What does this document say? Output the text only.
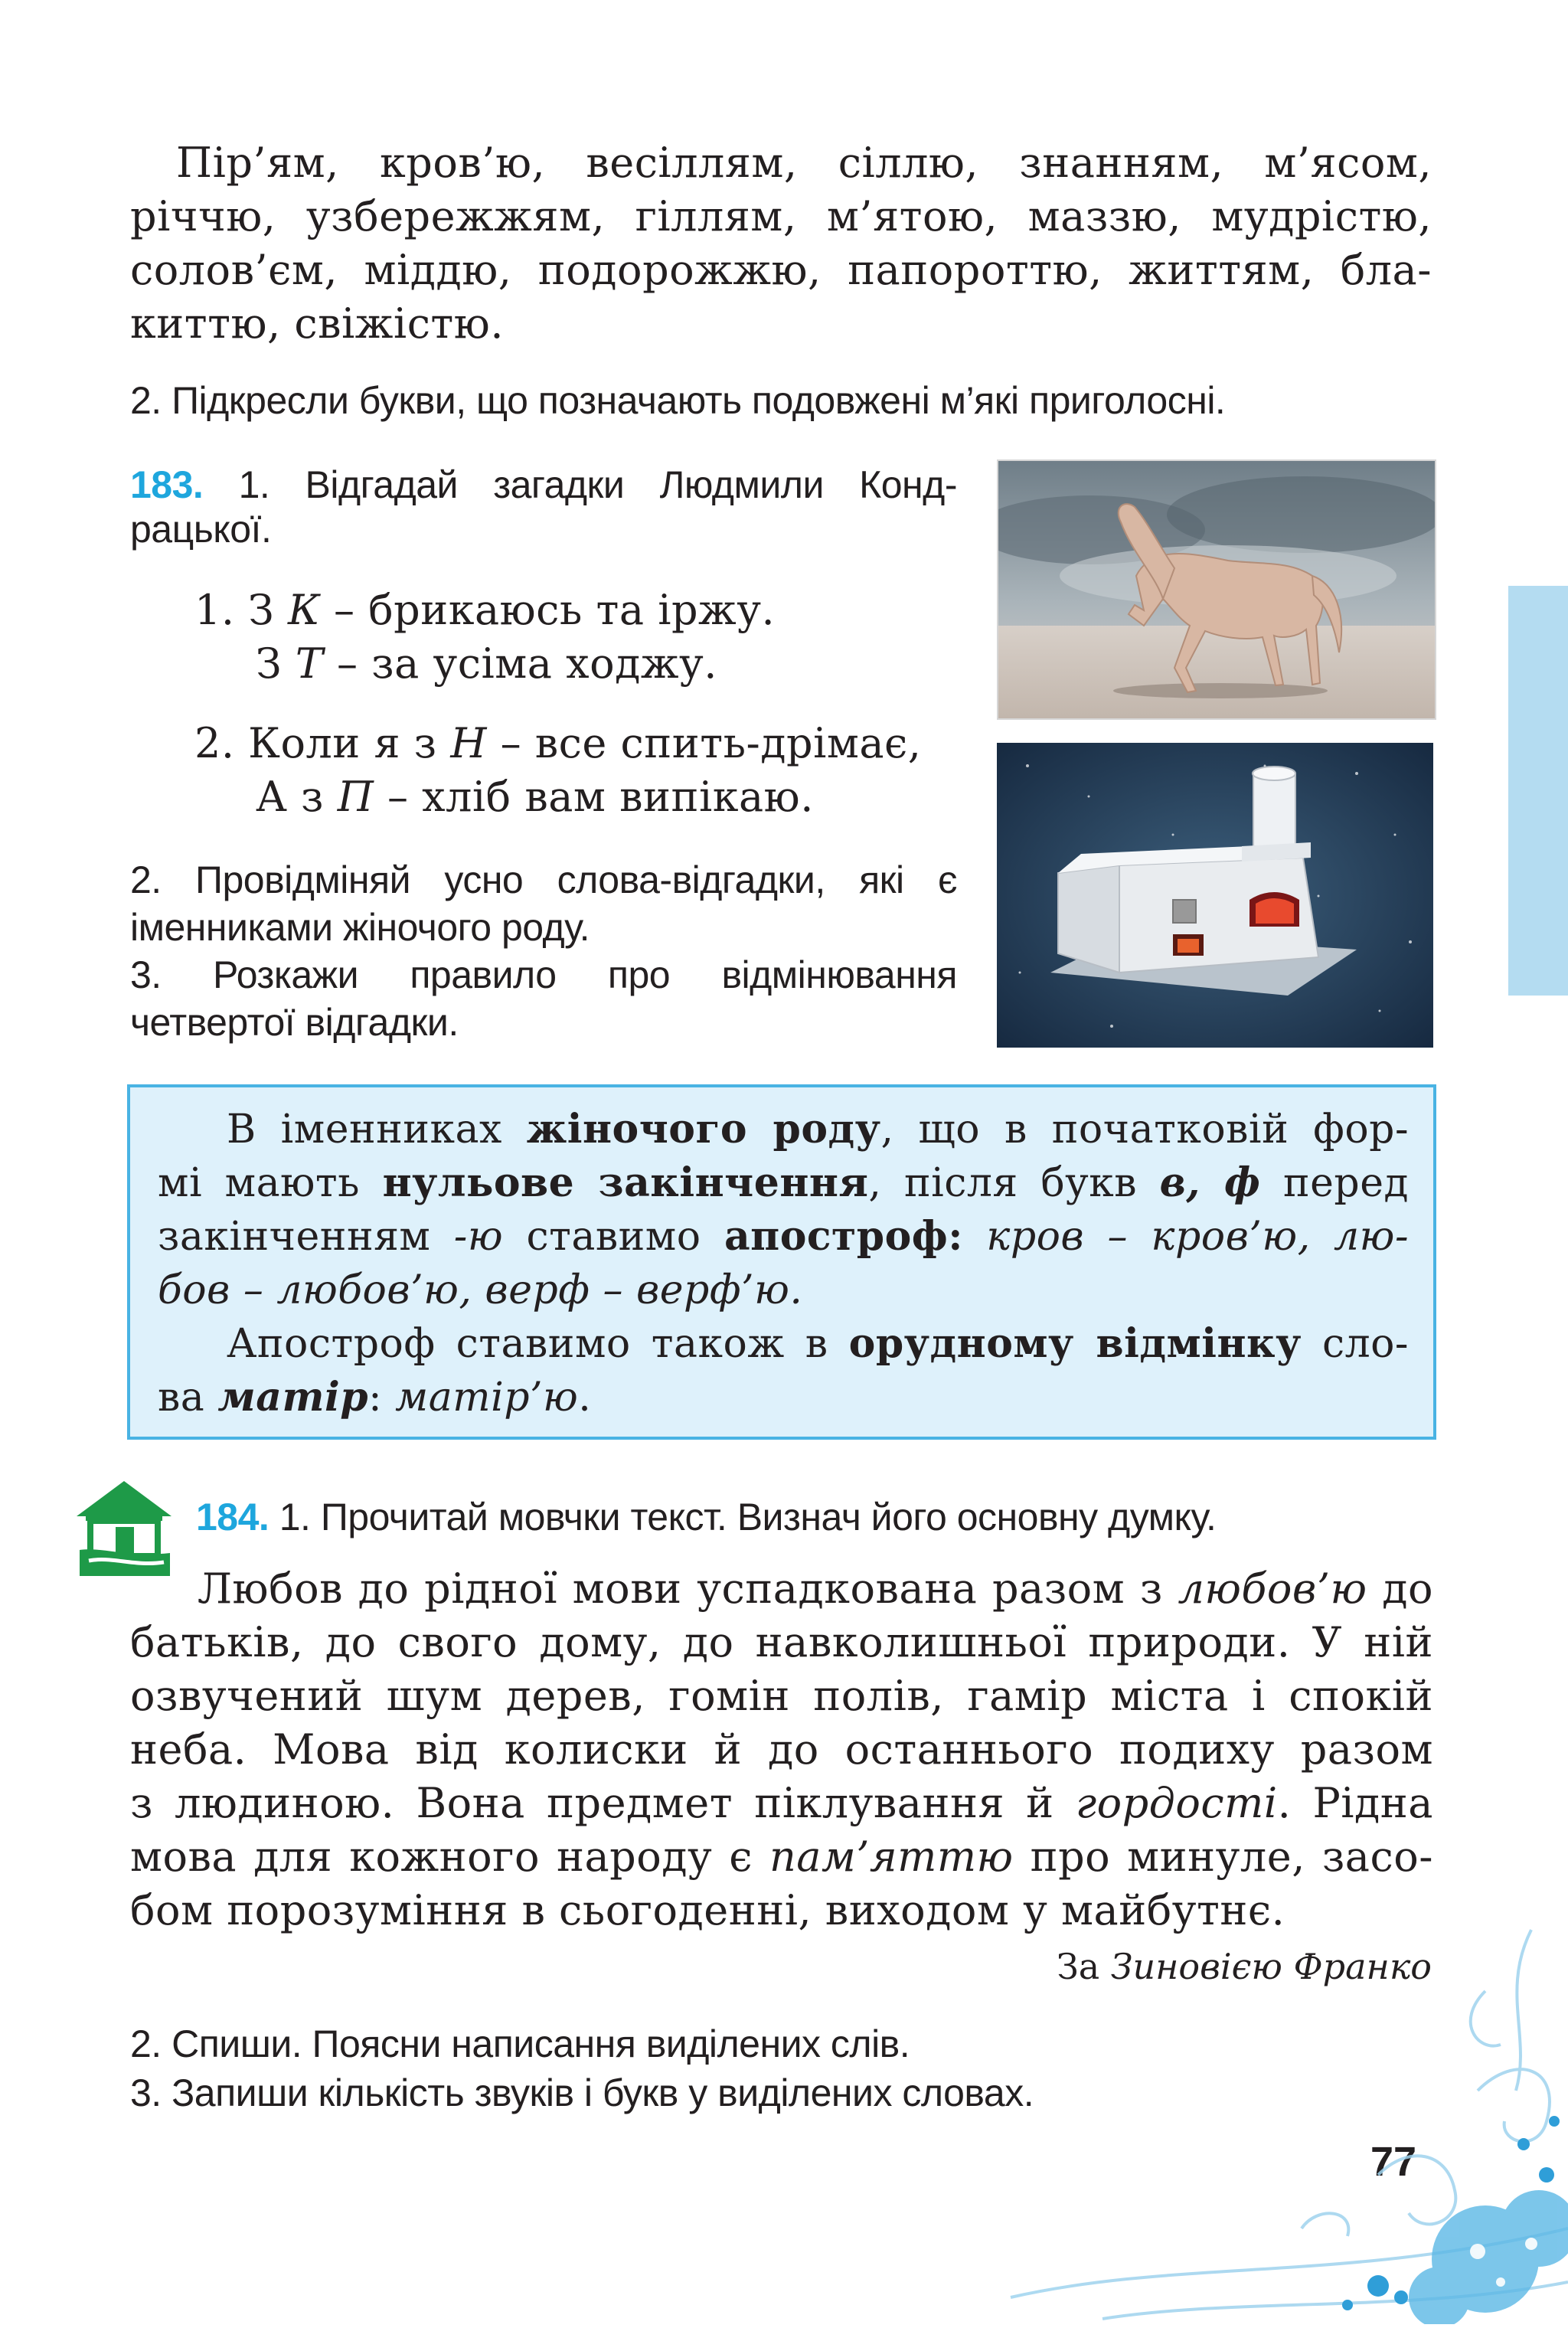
Пір’ям, кров’ю, весіллям, сіллю, знанням, м’ясом,
річчю, узбережжям, гіллям, м’ятою, маззю, мудрістю,
солов’єм, міддю, подорожжю, папороттю, життям, бла-
киттю, свіжістю.
2. Підкресли букви, що позначають подовжені м’які приголосні.
183. 1. Відгадай загадки Людмили Конд-
рацької.
1. З К – брикаюсь та іржу.
З Т – за усіма ходжу.
2. Коли я з Н – все спить-дрімає,
А з П – хліб вам випікаю.
2. Провідміняй усно слова-відгадки, які є
іменниками жіночого роду.
3. Розкажи правило про відмінювання
четвертої відгадки.
В іменниках жіночого роду, що в початковій фор-
мі мають нульове закінчення, після букв в, ф перед
закінченням -ю ставимо апостроф: кров – кров’ю, лю-
бов – любов’ю, верф – верф’ю.
Апостроф ставимо також в орудному відмінку сло-
ва матір: матір’ю.
184. 1. Прочитай мовчки текст. Визнач його основну думку.
Любов до рідної мови успадкована разом з любов’ю до
батьків, до свого дому, до навколишньої природи. У ній
озвучений шум дерев, гомін полів, гамір міста і спокій
неба. Мова від колиски й до останнього подиху разом
з людиною. Вона предмет піклування й гордості. Рідна
мова для кожного народу є пам’яттю про минуле, засо-
бом порозуміння в сьогоденні, виходом у майбутнє.
За Зиновією Франко
2. Спиши. Поясни написання виділених слів.
3. Запиши кількість звуків і букв у виділених словах.
77
